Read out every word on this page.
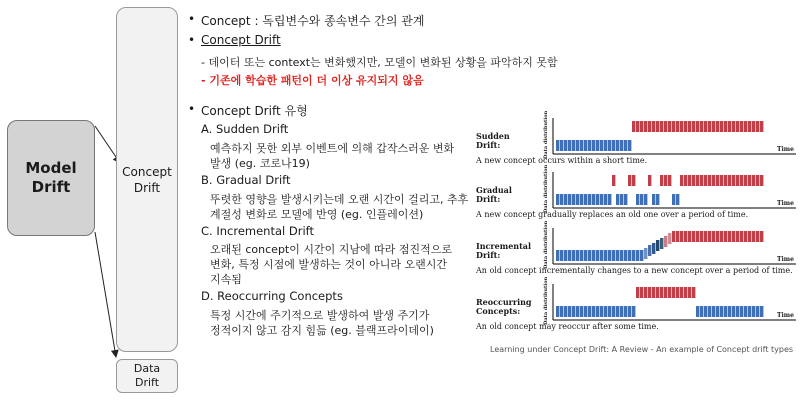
Model
Drift
Concept
Drift
Data
Drift
• Concept : 독립변수와 종속변수 간의 관계
• Concept Drift
- 데이터 또는 context는 변화했지만, 모델이 변화된 상황을 파악하지 못함
- 기존에 학습한 패턴이 더 이상 유지되지 않음
• Concept Drift 유형
A. Sudden Drift
예측하지 못한 외부 이벤트에 의해 갑작스러운 변화
발생 (eg. 코로나19)
B. Gradual Drift
뚜렷한 영향을 발생시키는데 오랜 시간이 걸리고, 추후
계절성 변화로 모델에 반영 (eg. 인플레이션)
C. Incremental Drift
오래된 concept이 시간이 지남에 따라 점진적으로
변화, 특정 시점에 발생하는 것이 아니라 오랜시간
지속됨
D. Reoccurring Concepts
특정 시간에 주기적으로 발생하여 발생 주기가
정적이지 않고 감지 힘듦 (eg. 블랙프라이데이)
Sudden
Drift:	Data distribution	Time
A new concept occurs within a short time.
Gradual
Drift:	Data distribution	Time
A new concept gradually replaces an old one over a period of time.
Incremental
Drift:	Data distribution	Time
An old concept incrementally changes to a new concept over a period of time.
Reoccurring
Concepts:	Data distribution	Time
An old concept may reoccur after some time.
Learning under Concept Drift: A Review - An example of Concept drift types
